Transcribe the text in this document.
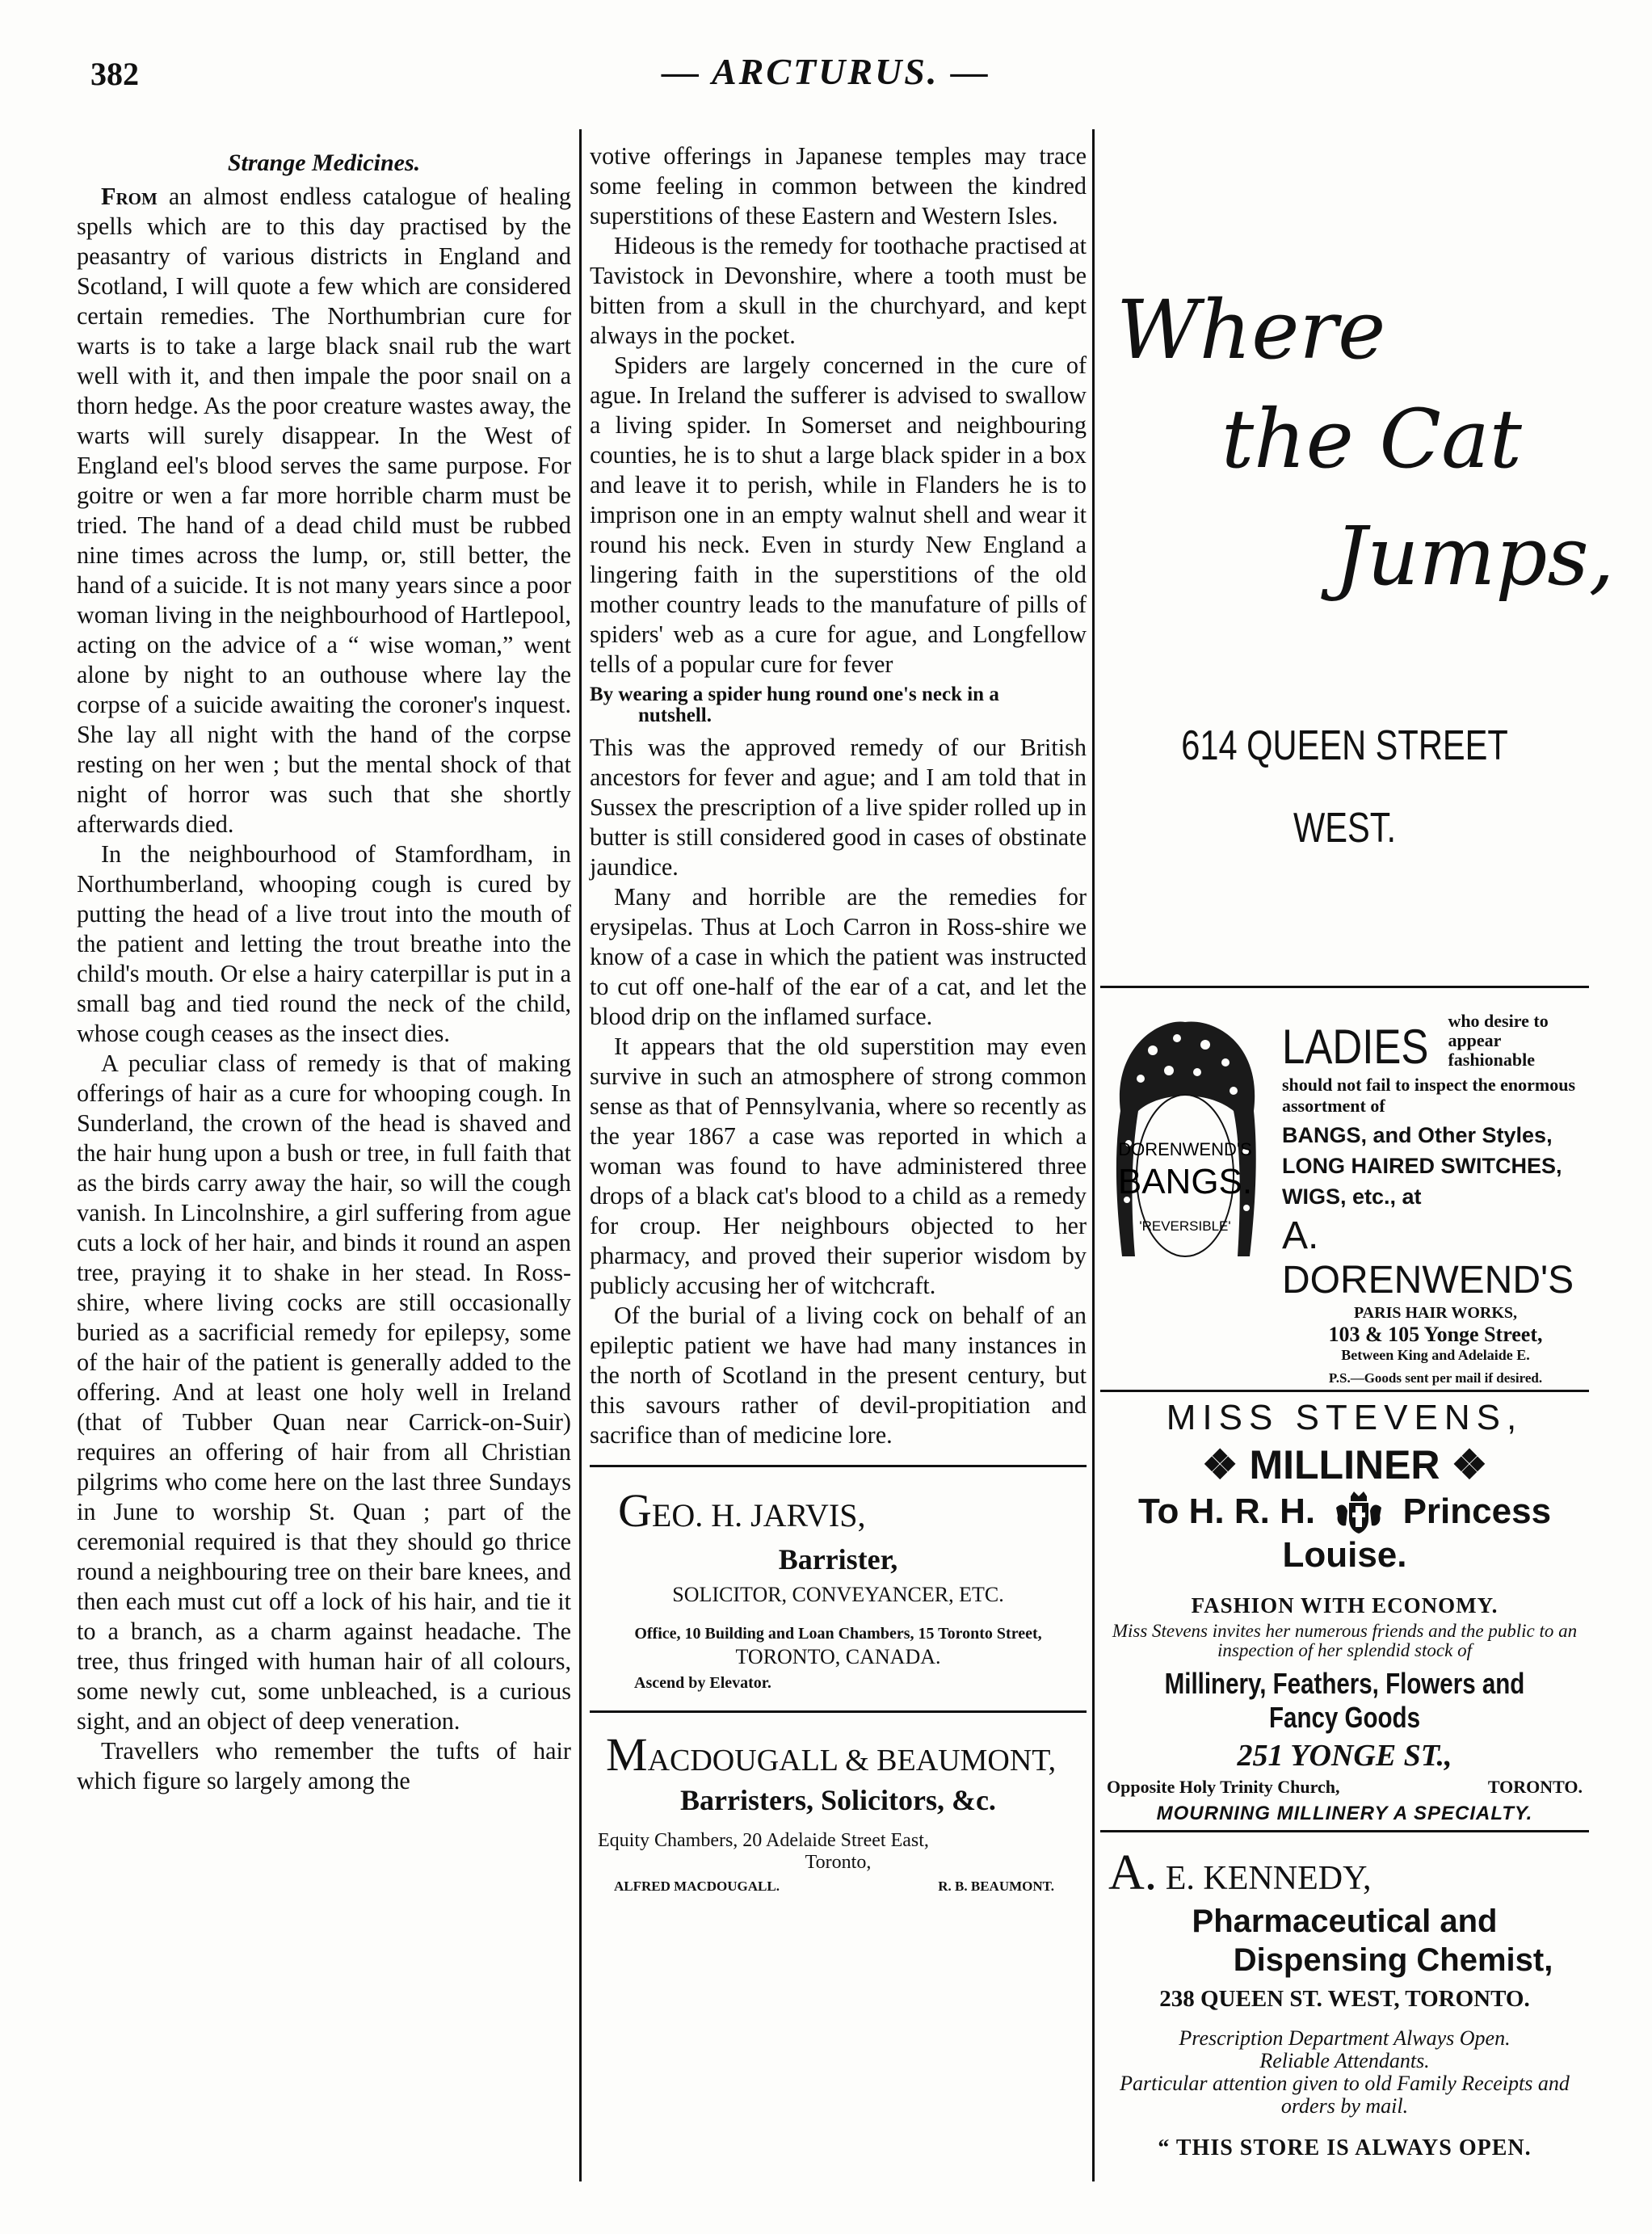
382	— ARCTURUS. —
Strange Medicines.

From an almost endless catalogue of healing spells which are to this day practised by the peasantry of various districts in England and Scotland, I will quote a few which are considered certain remedies. The Northumbrian cure for warts is to take a large black snail rub the wart well with it, and then impale the poor snail on a thorn hedge. As the poor creature wastes away, the warts will surely disappear. In the West of England eel's blood serves the same purpose. For goitre or wen a far more horrible charm must be tried. The hand of a dead child must be rubbed nine times across the lump, or, still better, the hand of a suicide. It is not many years since a poor woman living in the neighbourhood of Hartlepool, acting on the advice of a “ wise woman,” went alone by night to an outhouse where lay the corpse of a suicide awaiting the coroner's inquest. She lay all night with the hand of the corpse resting on her wen ; but the mental shock of that night of horror was such that she shortly afterwards died.

In the neighbourhood of Stamfordham, in Northumberland, whooping cough is cured by putting the head of a live trout into the mouth of the patient and letting the trout breathe into the child's mouth. Or else a hairy caterpillar is put in a small bag and tied round the neck of the child, whose cough ceases as the insect dies.

A peculiar class of remedy is that of making offerings of hair as a cure for whooping cough. In Sunderland, the crown of the head is shaved and the hair hung upon a bush or tree, in full faith that as the birds carry away the hair, so will the cough vanish. In Lincolnshire, a girl suffering from ague cuts a lock of her hair, and binds it round an aspen tree, praying it to shake in her stead. In Ross-shire, where living cocks are still occasionally buried as a sacrificial remedy for epilepsy, some of the hair of the patient is generally added to the offering. And at least one holy well in Ireland (that of Tubber Quan near Carrick-on-Suir) requires an offering of hair from all Christian pilgrims who come here on the last three Sundays in June to worship St. Quan ; part of the ceremonial required is that they should go thrice round a neighbouring tree on their bare knees, and then each must cut off a lock of his hair, and tie it to a branch, as a charm against headache. The tree, thus fringed with human hair of all colours, some newly cut, some unbleached, is a curious sight, and an object of deep veneration.

Travellers who remember the tufts of hair which figure so largely among the

votive offerings in Japanese temples may trace some feeling in common between the kindred superstitions of these Eastern and Western Isles.

Hideous is the remedy for toothache practised at Tavistock in Devonshire, where a tooth must be bitten from a skull in the churchyard, and kept always in the pocket.

Spiders are largely concerned in the cure of ague. In Ireland the sufferer is advised to swallow a living spider. In Somerset and neighbouring counties, he is to shut a large black spider in a box and leave it to perish, while in Flanders he is to imprison one in an empty walnut shell and wear it round his neck. Even in sturdy New England a lingering faith in the superstitions of the old mother country leads to the manufature of pills of spiders' web as a cure for ague, and Longfellow tells of a popular cure for fever

By wearing a spider hung round one's neck in a
nutshell.

This was the approved remedy of our British ancestors for fever and ague; and I am told that in Sussex the prescription of a live spider rolled up in butter is still considered good in cases of obstinate jaundice.

Many and horrible are the remedies for erysipelas. Thus at Loch Carron in Ross-shire we know of a case in which the patient was instructed to cut off one-half of the ear of a cat, and let the blood drip on the inflamed surface.

It appears that the old superstition may even survive in such an atmosphere of strong common sense as that of Pennsylvania, where so recently as the year 1867 a case was reported in which a woman was found to have administered three drops of a black cat's blood to a child as a remedy for croup. Her neighbours objected to her pharmacy, and proved their superior wisdom by publicly accusing her of witchcraft.

Of the burial of a living cock on behalf of an epileptic patient we have had many instances in the north of Scotland in the present century, but this savours rather of devil-propitiation and sacrifice than of medicine lore.

GEO. H. JARVIS,
Barrister,
SOLICITOR, CONVEYANCER, ETC.
Office, 10 Building and Loan Chambers, 15 Toronto Street,
TORONTO, CANADA.
Ascend by Elevator.
MACDOUGALL & BEAUMONT,
Barristers, Solicitors, &c.
Equity Chambers, 20 Adelaide Street East,
Toronto,
ALFRED MACDOUGALL.	R. B. BEAUMONT.
Where
the Cat
Jumps,
614 QUEEN STREET
WEST.
DORENWEND'S
BANGS.
'REVERSIBLE'
LADIES who desire to appear fashionable
should not fail to inspect the enormous assortment of
BANGS, and Other Styles,
LONG HAIRED SWITCHES,
WIGS, etc., at
A. DORENWEND'S
PARIS HAIR WORKS,
103 & 105 Yonge Street,
Between King and Adelaide E.
P.S.—Goods sent per mail if desired.
MISS STEVENS,
❖ MILLINER ❖
To H. R. H. Princess Louise.
FASHION WITH ECONOMY.
Miss Stevens invites her numerous friends and the public to an inspection of her splendid stock of
Millinery, Feathers, Flowers and Fancy Goods
251 YONGE ST.,
Opposite Holy Trinity Church,	TORONTO.
MOURNING MILLINERY A SPECIALTY.
A. E. KENNEDY,
Pharmaceutical and
Dispensing Chemist,
238 QUEEN ST. WEST, TORONTO.
Prescription Department Always Open.
Reliable Attendants.
Particular attention given to old Family Receipts and orders by mail.
“ THIS STORE IS ALWAYS OPEN.
